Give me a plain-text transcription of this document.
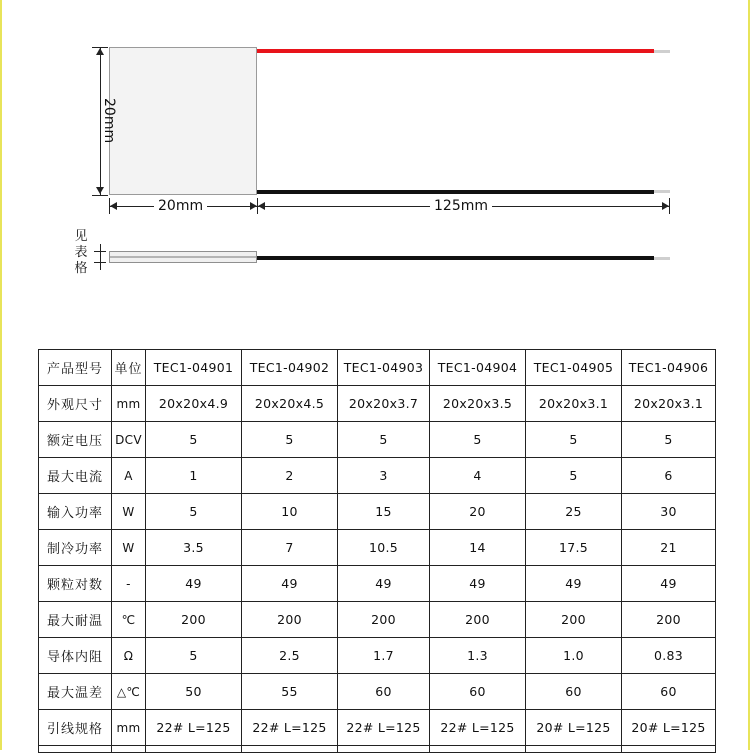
20mm
20mm	125mm
见
表
格
产品型号	单位	TEC1-04901	TEC1-04902	TEC1-04903	TEC1-04904	TEC1-04905	TEC1-04906
外观尺寸	mm	20x20x4.9	20x20x4.5	20x20x3.7	20x20x3.5	20x20x3.1	20x20x3.1
额定电压	DCV	5	5	5	5	5	5
最大电流	A	1	2	3	4	5	6
输入功率	W	5	10	15	20	25	30
制冷功率	W	3.5	7	10.5	14	17.5	21
颗粒对数	-	49	49	49	49	49	49
最大耐温	℃	200	200	200	200	200	200
导体内阻	Ω	5	2.5	1.7	1.3	1.0	0.83
最大温差	△℃	50	55	60	60	60	60
引线规格	mm	22# L=125	22# L=125	22# L=125	22# L=125	20# L=125	20# L=125
